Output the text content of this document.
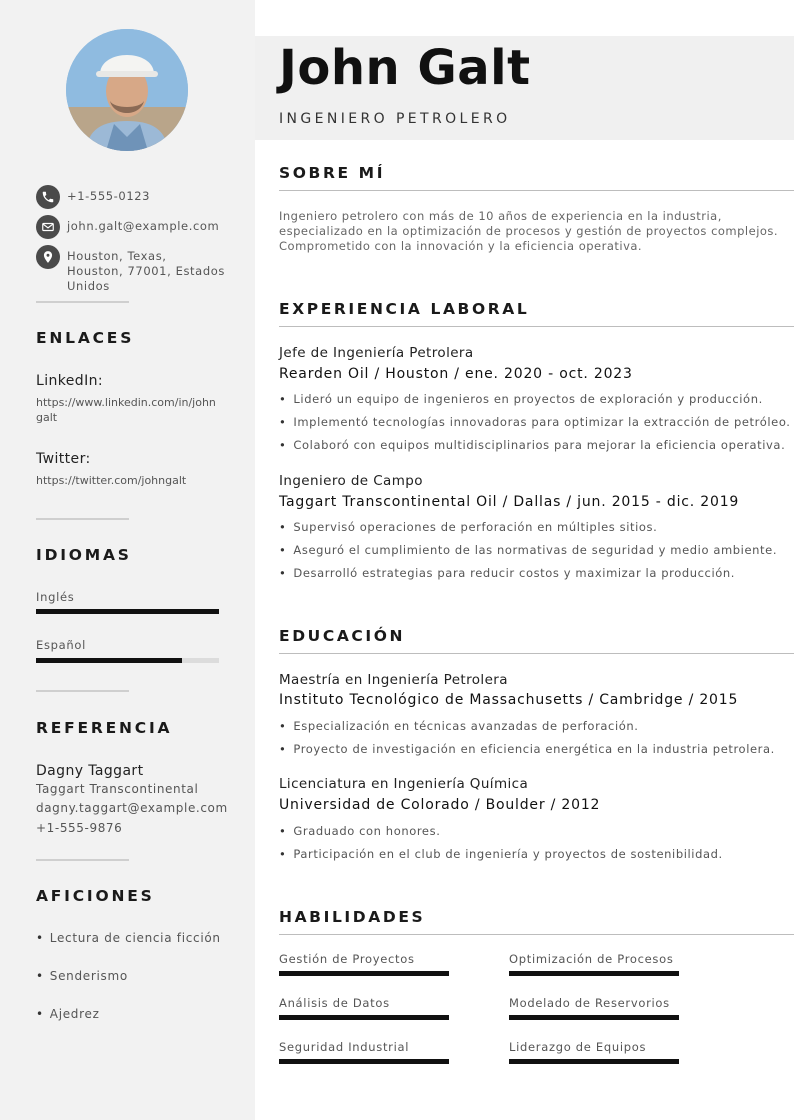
+1-555-0123
john.galt@example.com
Houston, Texas, Houston, 77001, Estados Unidos
ENLACES
LinkedIn:
https://www.linkedin.com/in/johngalt
Twitter:
https://twitter.com/johngalt
IDIOMAS
Inglés
Español
REFERENCIA
Dagny Taggart
Taggart Transcontinental
dagny.taggart@example.com
+1-555-9876
AFICIONES
• Lectura de ciencia ficción
• Senderismo
• Ajedrez
John Galt
INGENIERO PETROLERO
SOBRE MÍ
Ingeniero petrolero con más de 10 años de experiencia en la industria, especializado en la optimización de procesos y gestión de proyectos complejos. Comprometido con la innovación y la eficiencia operativa.
EXPERIENCIA LABORAL
Jefe de Ingeniería Petrolera
Rearden Oil / Houston / ene. 2020 - oct. 2023
• Lideró un equipo de ingenieros en proyectos de exploración y producción.
• Implementó tecnologías innovadoras para optimizar la extracción de petróleo.
• Colaboró con equipos multidisciplinarios para mejorar la eficiencia operativa.
Ingeniero de Campo
Taggart Transcontinental Oil / Dallas / jun. 2015 - dic. 2019
• Supervisó operaciones de perforación en múltiples sitios.
• Aseguró el cumplimiento de las normativas de seguridad y medio ambiente.
• Desarrolló estrategias para reducir costos y maximizar la producción.
EDUCACIÓN
Maestría en Ingeniería Petrolera
Instituto Tecnológico de Massachusetts / Cambridge / 2015
• Especialización en técnicas avanzadas de perforación.
• Proyecto de investigación en eficiencia energética en la industria petrolera.
Licenciatura en Ingeniería Química
Universidad de Colorado / Boulder / 2012
• Graduado con honores.
• Participación en el club de ingeniería y proyectos de sostenibilidad.
HABILIDADES
Gestión de Proyectos	Optimización de Procesos
Análisis de Datos	Modelado de Reservorios
Seguridad Industrial	Liderazgo de Equipos
